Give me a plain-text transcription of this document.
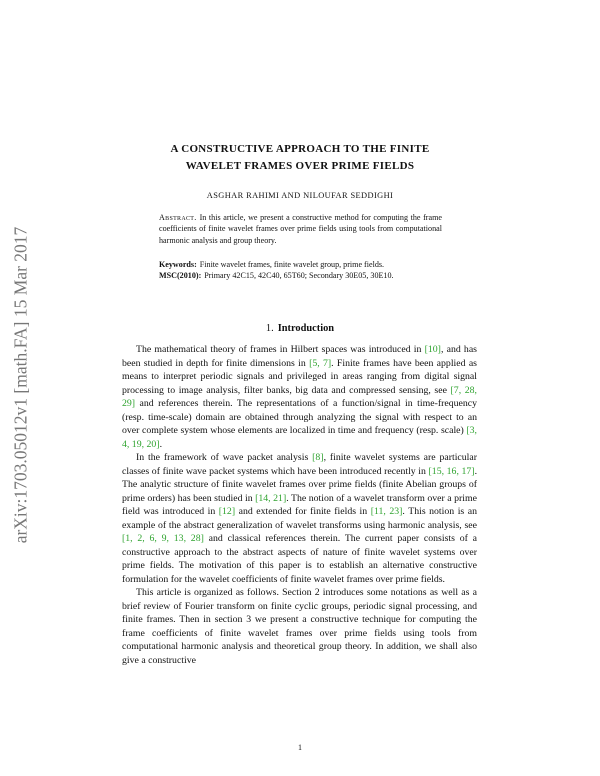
arXiv:1703.05012v1 [math.FA] 15 Mar 2017
A CONSTRUCTIVE APPROACH TO THE FINITE
WAVELET FRAMES OVER PRIME FIELDS
ASGHAR RAHIMI AND NILOUFAR SEDDIGHI
Abstract. In this article, we present a constructive method for computing the frame coefficients of finite wavelet frames over prime fields using tools from computational harmonic analysis and group theory.
Keywords: Finite wavelet frames, finite wavelet group, prime fields.
MSC(2010): Primary 42C15, 42C40, 65T60; Secondary 30E05, 30E10.
1. Introduction

The mathematical theory of frames in Hilbert spaces was introduced in [10], and has been studied in depth for finite dimensions in [5, 7]. Finite frames have been applied as means to interpret periodic signals and privileged in areas ranging from digital signal processing to image analysis, filter banks, big data and compressed sensing, see [7, 28, 29] and references therein. The representations of a function/signal in time-frequency (resp. time-scale) domain are obtained through analyzing the signal with respect to an over complete system whose elements are localized in time and frequency (resp. scale) [3, 4, 19, 20].

In the framework of wave packet analysis [8], finite wavelet systems are particular classes of finite wave packet systems which have been introduced recently in [15, 16, 17]. The analytic structure of finite wavelet frames over prime fields (finite Abelian groups of prime orders) has been studied in [14, 21]. The notion of a wavelet transform over a prime field was introduced in [12] and extended for finite fields in [11, 23]. This notion is an example of the abstract generalization of wavelet transforms using harmonic analysis, see [1, 2, 6, 9, 13, 28] and classical references therein. The current paper consists of a constructive approach to the abstract aspects of nature of finite wavelet systems over prime fields. The motivation of this paper is to establish an alternative constructive formulation for the wavelet coefficients of finite wavelet frames over prime fields.

This article is organized as follows. Section 2 introduces some notations as well as a brief review of Fourier transform on finite cyclic groups, periodic signal processing, and finite frames. Then in section 3 we present a constructive technique for computing the frame coefficients of finite wavelet frames over prime fields using tools from computational harmonic analysis and theoretical group theory. In addition, we shall also give a constructive

1
